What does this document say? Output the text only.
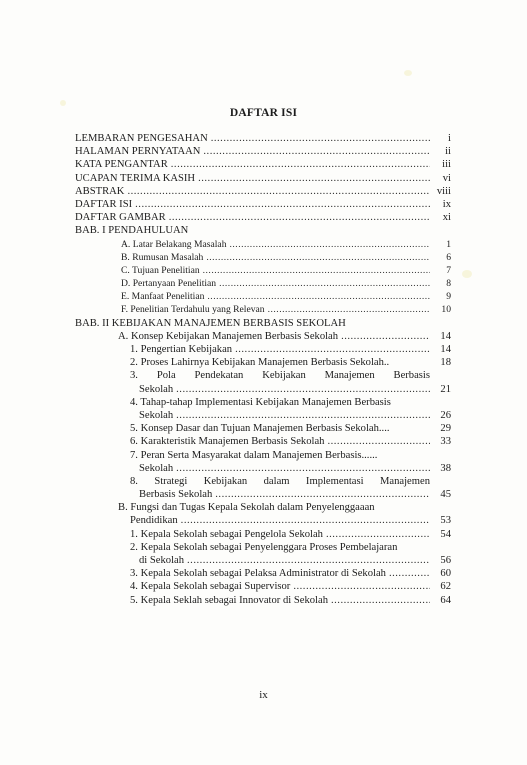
DAFTAR ISI
LEMBARAN PENGESAHAN .....	i
HALAMAN PERNYATAAN .....	ii
KATA PENGANTAR .....	iii
UCAPAN TERIMA KASIH .....	vi
ABSTRAK .....	viii
DAFTAR ISI .....	ix
DAFTAR GAMBAR .....	xi
BAB. I PENDAHULUAN
A. Latar Belakang Masalah .....	1
B. Rumusan Masalah .....	6
C. Tujuan Penelitian .....	7
D. Pertanyaan Penelitian .....	8
E. Manfaat Penelitian .....	9
F. Penelitian Terdahulu yang Relevan .....	10
BAB. II KEBIJAKAN MANAJEMEN BERBASIS SEKOLAH
A. Konsep Kebijakan Manajemen Berbasis Sekolah .....	14
1. Pengertian Kebijakan .....	14
2. Proses Lahirnya Kebijakan Manajemen Berbasis Sekolah..	18
3. Pola Pendekatan Kebijakan Manajemen Berbasis
Sekolah .....	21
4. Tahap-tahap Implementasi Kebijakan Manajemen Berbasis
Sekolah .....	26
5. Konsep Dasar dan Tujuan Manajemen Berbasis Sekolah....	29
6. Karakteristik Manajemen Berbasis Sekolah .....	33
7. Peran Serta Masyarakat dalam Manajemen Berbasis......
Sekolah .....	38
8. Strategi Kebijakan dalam Implementasi Manajemen
Berbasis Sekolah .....	45
B. Fungsi dan Tugas Kepala Sekolah dalam Penyelenggaaan
Pendidikan .....	53
1. Kepala Sekolah sebagai Pengelola Sekolah .....	54
2. Kepala Sekolah sebagai Penyelenggara Proses Pembelajaran
di Sekolah .....	56
3. Kepala Sekolah sebagai Pelaksa Administrator di Sekolah .....	60
4. Kepala Sekolah sebagai Supervisor .....	62
5. Kepala Seklah sebagai Innovator di Sekolah .....	64
ix
